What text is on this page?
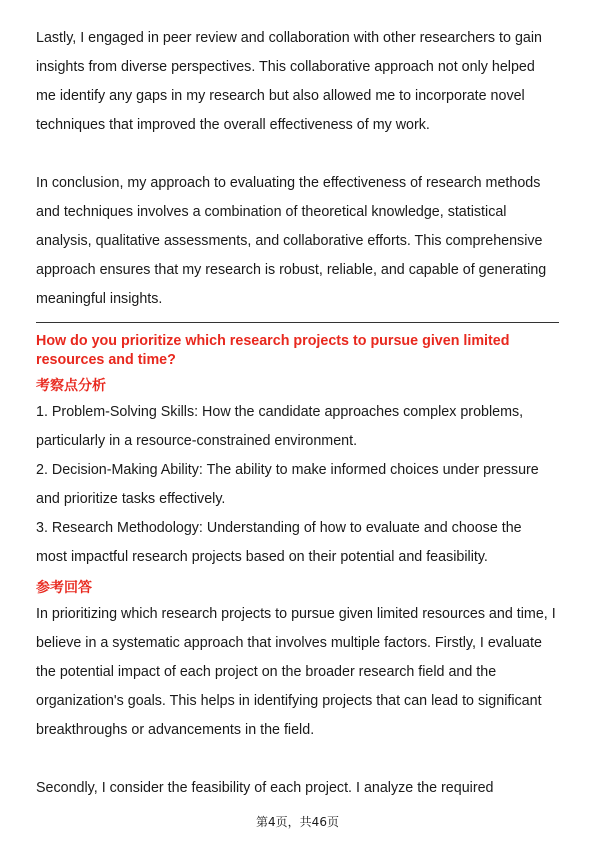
Lastly, I engaged in peer review and collaboration with other researchers to gain
insights from diverse perspectives. This collaborative approach not only helped
me identify any gaps in my research but also allowed me to incorporate novel
techniques that improved the overall effectiveness of my work.

In conclusion, my approach to evaluating the effectiveness of research methods
and techniques involves a combination of theoretical knowledge, statistical
analysis, qualitative assessments, and collaborative efforts. This comprehensive
approach ensures that my research is robust, reliable, and capable of generating
meaningful insights.

How do you prioritize which research projects to pursue given limited
resources and time?
考察点分析

1. Problem-Solving Skills: How the candidate approaches complex problems,
particularly in a resource-constrained environment.

2. Decision-Making Ability: The ability to make informed choices under pressure
and prioritize tasks effectively.

3. Research Methodology: Understanding of how to evaluate and choose the
most impactful research projects based on their potential and feasibility.

参考回答

In prioritizing which research projects to pursue given limited resources and time, I
believe in a systematic approach that involves multiple factors. Firstly, I evaluate
the potential impact of each project on the broader research field and the
organization's goals. This helps in identifying projects that can lead to significant
breakthroughs or advancements in the field.

Secondly, I consider the feasibility of each project. I analyze the required

第4页，共46页
